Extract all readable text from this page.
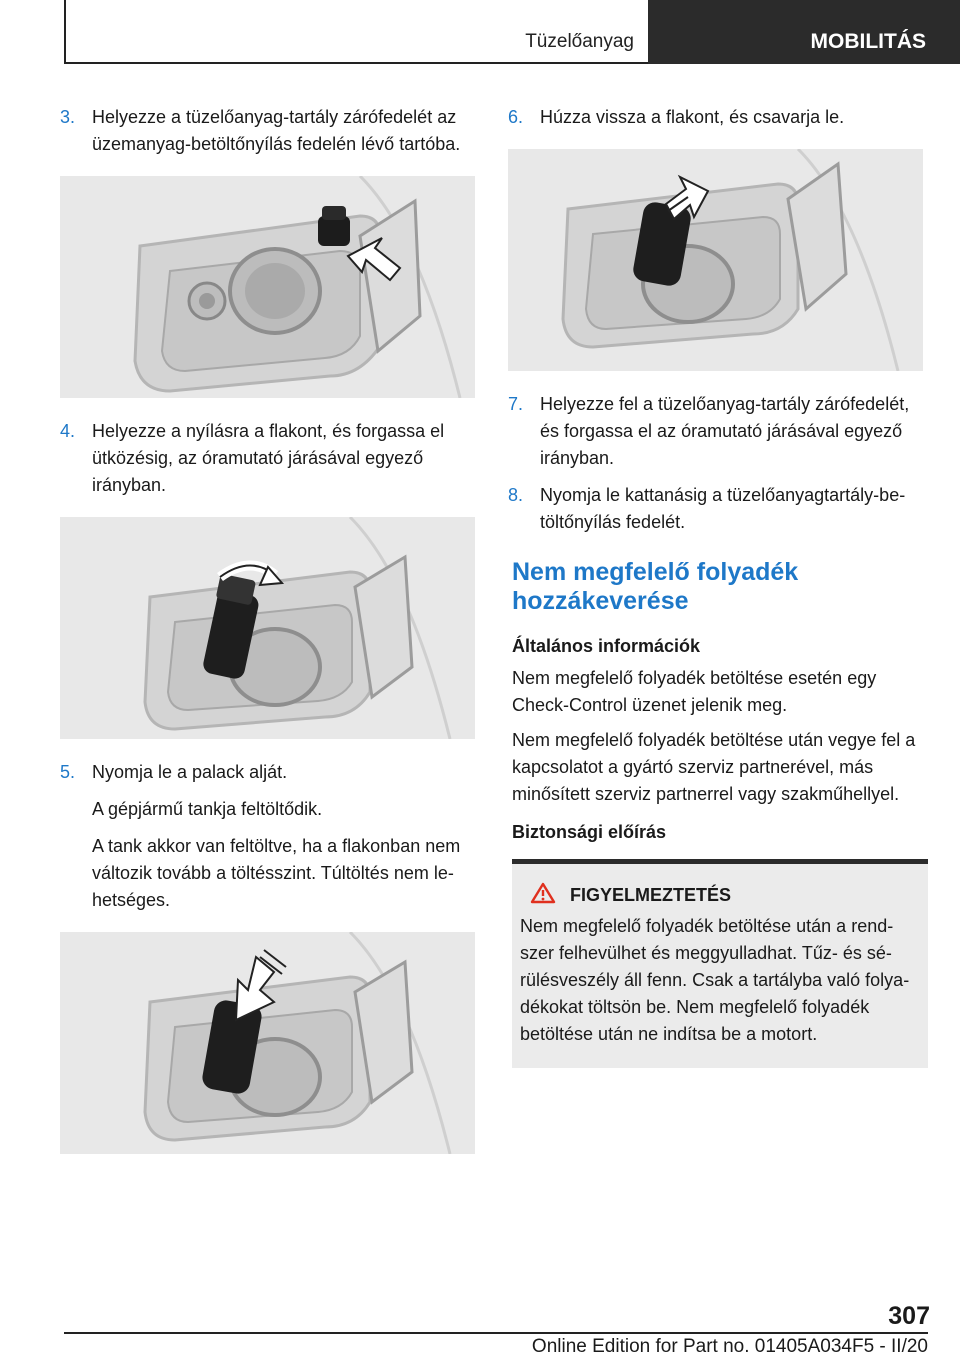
Tüzelőanyag	MOBILITÁS
3. Helyezze a tüzelőanyag-tartály zárófedelét az üzemanyag-betöltőnyílás fedelén lévő tartóba.

4. Helyezze a nyílásra a flakont, és forgassa el ütközésig, az óramutató járásával egyező irányban.

5. Nyomja le a palack alját.

A gépjármű tankja feltöltődik.

A tank akkor van feltöltve, ha a flakonban nem változik tovább a töltésszint. Túltöltés nem lehetséges.

6. Húzza vissza a flakont, és csavarja le.

7. Helyezze fel a tüzelőanyag-tartály zárófedelét, és forgassa el az óramutató járásával egyező irányban.

8. Nyomja le kattanásig a tüzelőanyagtartály-betöltőnyílás fedelét.

Nem megfelelő folyadék hozzákeverése
Általános információk

Nem megfelelő folyadék betöltése esetén egy Check-Control üzenet jelenik meg.

Nem megfelelő folyadék betöltése után vegye fel a kapcsolatot a gyártó szerviz partnerével, más minősített szerviz partnerrel vagy szakműhellyel.

Biztonsági előírás
FIGYELMEZTETÉS
Nem megfelelő folyadék betöltése után a rendszer felhevülhet és meggyulladhat. Tűz- és sérülésveszély áll fenn. Csak a tartályba való folyadékokat töltsön be. Nem megfelelő folyadék betöltése után ne indítsa be a motort.
307
Online Edition for Part no. 01405A034F5 - II/20
